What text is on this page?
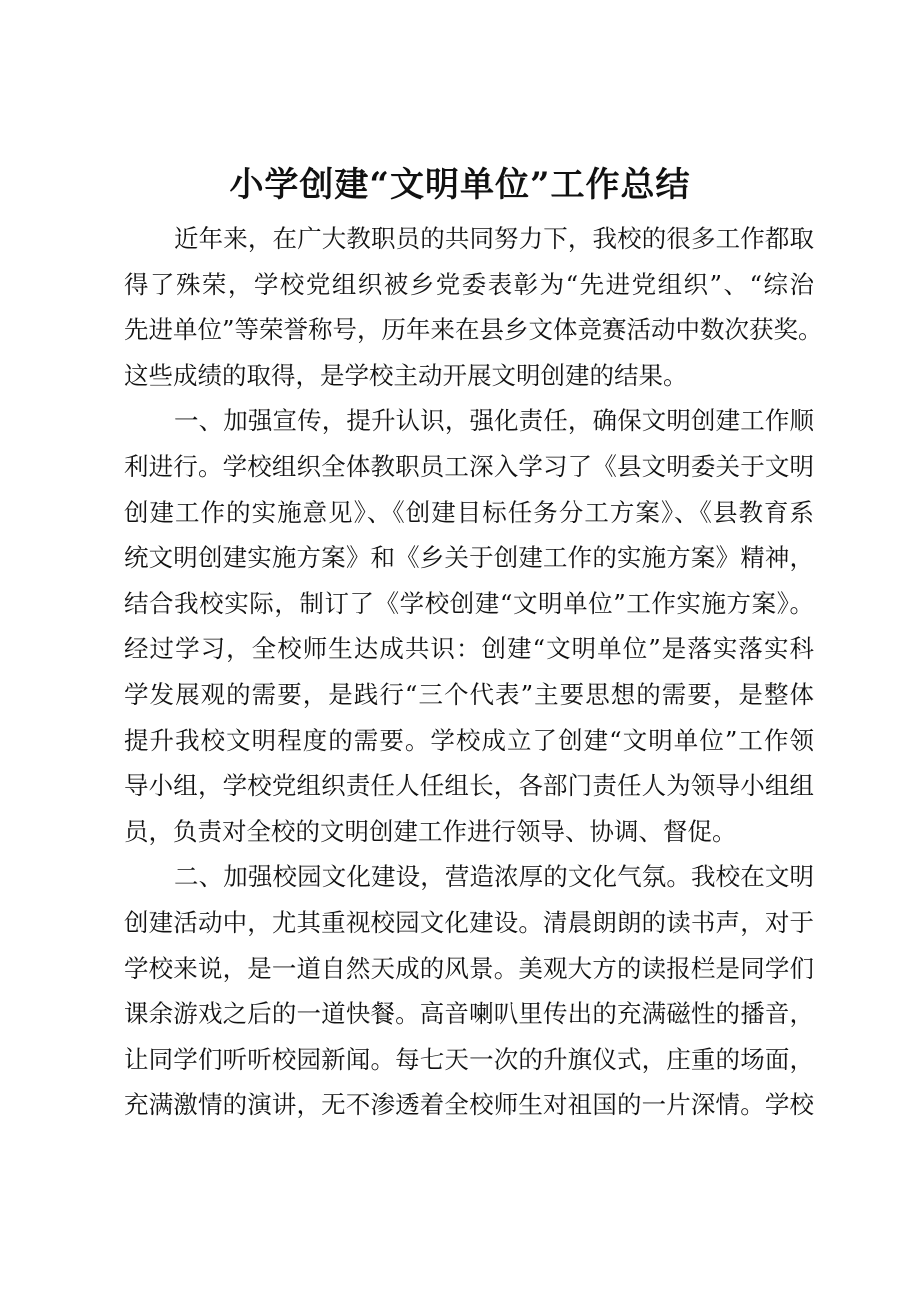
小学创建“文明单位”工作总结
近年来，在广大教职员的共同努力下，我校的很多工作都取
得了殊荣，学校党组织被乡党委表彰为“先进党组织”、“综治
先进单位”等荣誉称号，历年来在县乡文体竞赛活动中数次获奖。
这些成绩的取得，是学校主动开展文明创建的结果。
一、加强宣传，提升认识，强化责任，确保文明创建工作顺
利进行。学校组织全体教职员工深入学习了《县文明委关于文明
创建工作的实施意见》、《创建目标任务分工方案》、《县教育系
统文明创建实施方案》和《乡关于创建工作的实施方案》精神，
结合我校实际，制订了《学校创建“文明单位”工作实施方案》。
经过学习，全校师生达成共识：创建“文明单位”是落实落实科
学发展观的需要，是践行“三个代表”主要思想的需要，是整体
提升我校文明程度的需要。学校成立了创建“文明单位”工作领
导小组，学校党组织责任人任组长，各部门责任人为领导小组组
员，负责对全校的文明创建工作进行领导、协调、督促。
二、加强校园文化建设，营造浓厚的文化气氛。我校在文明
创建活动中，尤其重视校园文化建设。清晨朗朗的读书声，对于
学校来说，是一道自然天成的风景。美观大方的读报栏是同学们
课余游戏之后的一道快餐。高音喇叭里传出的充满磁性的播音，
让同学们听听校园新闻。每七天一次的升旗仪式，庄重的场面，
充满激情的演讲，无不渗透着全校师生对祖国的一片深情。学校
